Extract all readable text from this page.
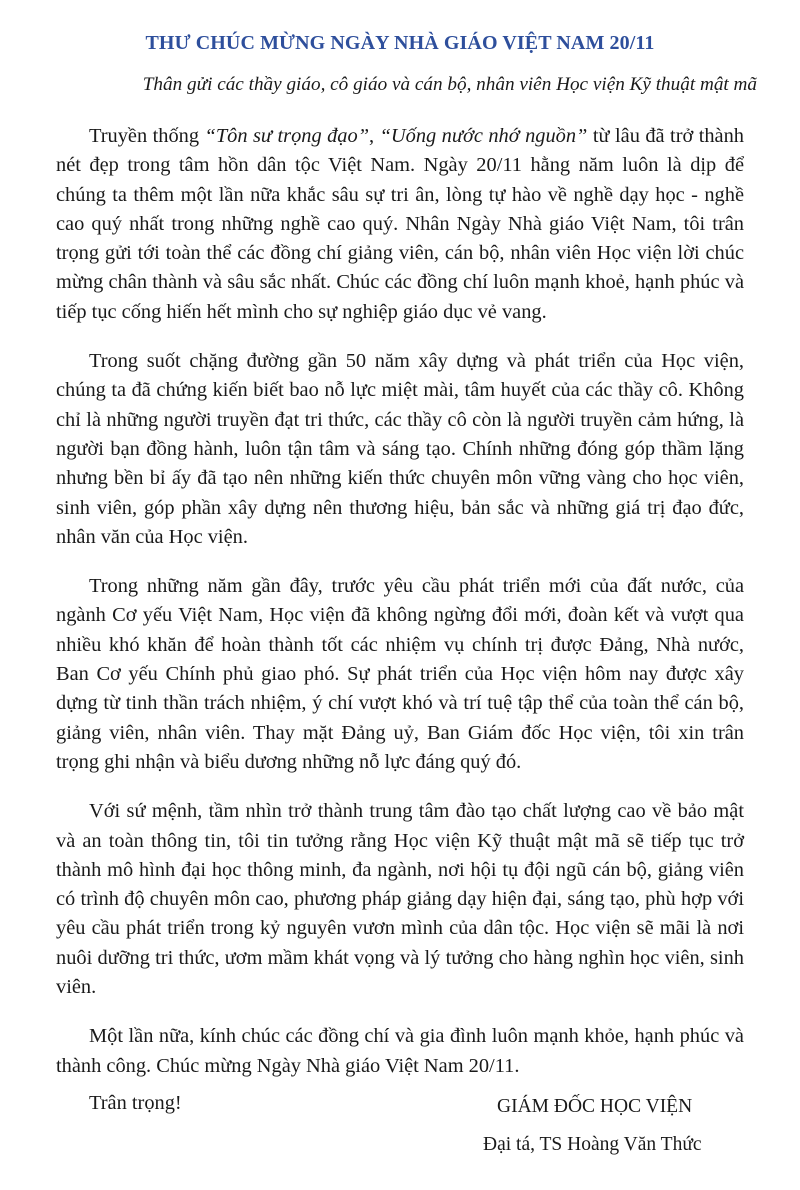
THƯ CHÚC MỪNG NGÀY NHÀ GIÁO VIỆT NAM 20/11

Thân gửi các thầy giáo, cô giáo và cán bộ, nhân viên Học viện Kỹ thuật mật mã

Truyền thống “Tôn sư trọng đạo”, “Uống nước nhớ nguồn” từ lâu đã trở thành nét đẹp trong tâm hồn dân tộc Việt Nam. Ngày 20/11 hằng năm luôn là dịp để chúng ta thêm một lần nữa khắc sâu sự tri ân, lòng tự hào về nghề dạy học - nghề cao quý nhất trong những nghề cao quý. Nhân Ngày Nhà giáo Việt Nam, tôi trân trọng gửi tới toàn thể các đồng chí giảng viên, cán bộ, nhân viên Học viện lời chúc mừng chân thành và sâu sắc nhất. Chúc các đồng chí luôn mạnh khoẻ, hạnh phúc và tiếp tục cống hiến hết mình cho sự nghiệp giáo dục vẻ vang.

Trong suốt chặng đường gần 50 năm xây dựng và phát triển của Học viện, chúng ta đã chứng kiến biết bao nỗ lực miệt mài, tâm huyết của các thầy cô. Không chỉ là những người truyền đạt tri thức, các thầy cô còn là người truyền cảm hứng, là người bạn đồng hành, luôn tận tâm và sáng tạo. Chính những đóng góp thầm lặng nhưng bền bỉ ấy đã tạo nên những kiến thức chuyên môn vững vàng cho học viên, sinh viên, góp phần xây dựng nên thương hiệu, bản sắc và những giá trị đạo đức, nhân văn của Học viện.

Trong những năm gần đây, trước yêu cầu phát triển mới của đất nước, của ngành Cơ yếu Việt Nam, Học viện đã không ngừng đổi mới, đoàn kết và vượt qua nhiều khó khăn để hoàn thành tốt các nhiệm vụ chính trị được Đảng, Nhà nước, Ban Cơ yếu Chính phủ giao phó. Sự phát triển của Học viện hôm nay được xây dựng từ tinh thần trách nhiệm, ý chí vượt khó và trí tuệ tập thể của toàn thể cán bộ, giảng viên, nhân viên. Thay mặt Đảng uỷ, Ban Giám đốc Học viện, tôi xin trân trọng ghi nhận và biểu dương những nỗ lực đáng quý đó.

Với sứ mệnh, tầm nhìn trở thành trung tâm đào tạo chất lượng cao về bảo mật và an toàn thông tin, tôi tin tưởng rằng Học viện Kỹ thuật mật mã sẽ tiếp tục trở thành mô hình đại học thông minh, đa ngành, nơi hội tụ đội ngũ cán bộ, giảng viên có trình độ chuyên môn cao, phương pháp giảng dạy hiện đại, sáng tạo, phù hợp với yêu cầu phát triển trong kỷ nguyên vươn mình của dân tộc. Học viện sẽ mãi là nơi nuôi dưỡng tri thức, ươm mầm khát vọng và lý tưởng cho hàng nghìn học viên, sinh viên.

Một lần nữa, kính chúc các đồng chí và gia đình luôn mạnh khỏe, hạnh phúc và thành công. Chúc mừng Ngày Nhà giáo Việt Nam 20/11.

Trân trọng!	GIÁM ĐỐC HỌC VIỆN
Đại tá, TS Hoàng Văn Thức
